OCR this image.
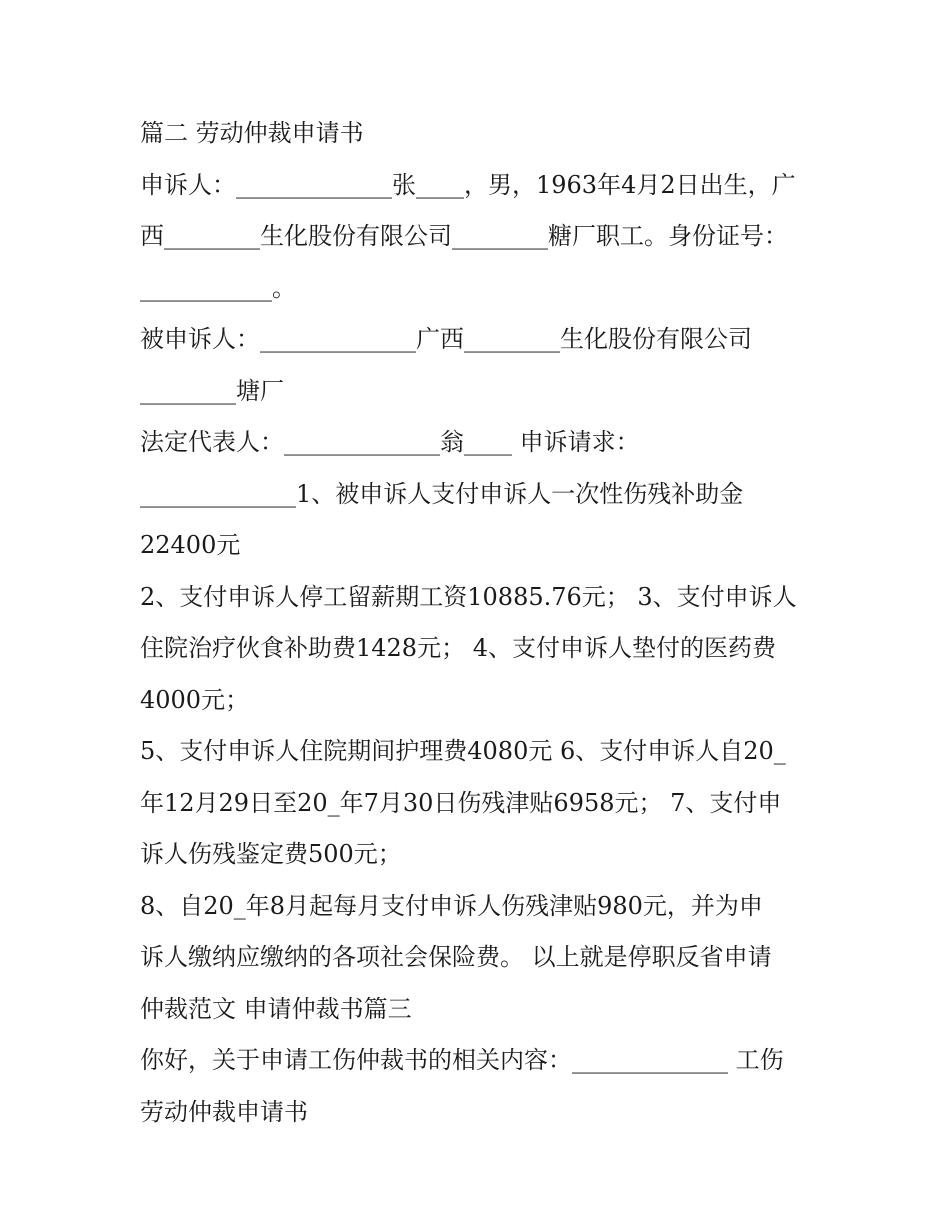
篇二 劳动仲裁申请书
申诉人：_____________张____，男，1963年4月2日出生，广
西________生化股份有限公司________糖厂职工。身份证号：
___________。
被申诉人：_____________广西________生化股份有限公司
________塘厂
法定代表人：_____________翁____ 申诉请求：
_____________1、被申诉人支付申诉人一次性伤残补助金
22400元
2、支付申诉人停工留薪期工资10885.76元； 3、支付申诉人
住院治疗伙食补助费1428元； 4、支付申诉人垫付的医药费
4000元；
5、支付申诉人住院期间护理费4080元 6、支付申诉人自20_
年12月29日至20_年7月30日伤残津贴6958元； 7、支付申
诉人伤残鉴定费500元；
8、自20_年8月起每月支付申诉人伤残津贴980元，并为申
诉人缴纳应缴纳的各项社会保险费。 以上就是停职反省申请
仲裁范文 申请仲裁书篇三
你好，关于申请工伤仲裁书的相关内容：_____________ 工伤
劳动仲裁申请书
